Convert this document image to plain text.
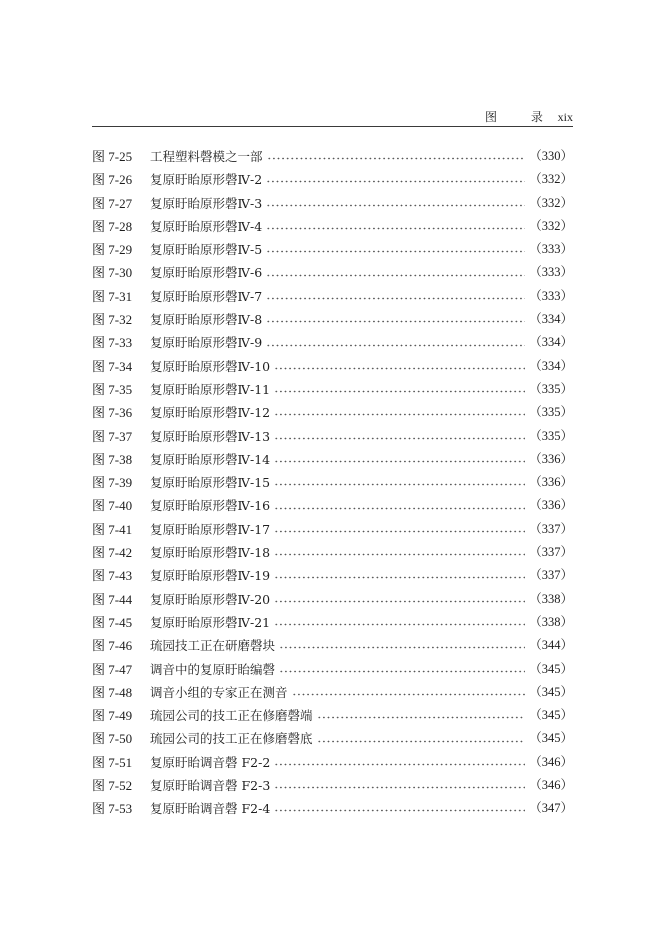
图 录 xix
图 7-25	工程塑料磬模之一部	（330）
图 7-26	复原盱眙原形磬Ⅳ-2	（332）
图 7-27	复原盱眙原形磬Ⅳ-3	（332）
图 7-28	复原盱眙原形磬Ⅳ-4	（332）
图 7-29	复原盱眙原形磬Ⅳ-5	（333）
图 7-30	复原盱眙原形磬Ⅳ-6	（333）
图 7-31	复原盱眙原形磬Ⅳ-7	（333）
图 7-32	复原盱眙原形磬Ⅳ-8	（334）
图 7-33	复原盱眙原形磬Ⅳ-9	（334）
图 7-34	复原盱眙原形磬Ⅳ-10	（334）
图 7-35	复原盱眙原形磬Ⅳ-11	（335）
图 7-36	复原盱眙原形磬Ⅳ-12	（335）
图 7-37	复原盱眙原形磬Ⅳ-13	（335）
图 7-38	复原盱眙原形磬Ⅳ-14	（336）
图 7-39	复原盱眙原形磬Ⅳ-15	（336）
图 7-40	复原盱眙原形磬Ⅳ-16	（336）
图 7-41	复原盱眙原形磬Ⅳ-17	（337）
图 7-42	复原盱眙原形磬Ⅳ-18	（337）
图 7-43	复原盱眙原形磬Ⅳ-19	（337）
图 7-44	复原盱眙原形磬Ⅳ-20	（338）
图 7-45	复原盱眙原形磬Ⅳ-21	（338）
图 7-46	琉园技工正在研磨磬块	（344）
图 7-47	调音中的复原盱眙编磬	（345）
图 7-48	调音小组的专家正在测音	（345）
图 7-49	琉园公司的技工正在修磨磬端	（345）
图 7-50	琉园公司的技工正在修磨磬底	（345）
图 7-51	复原盱眙调音磬 F2-2	（346）
图 7-52	复原盱眙调音磬 F2-3	（346）
图 7-53	复原盱眙调音磬 F2-4	（347）
